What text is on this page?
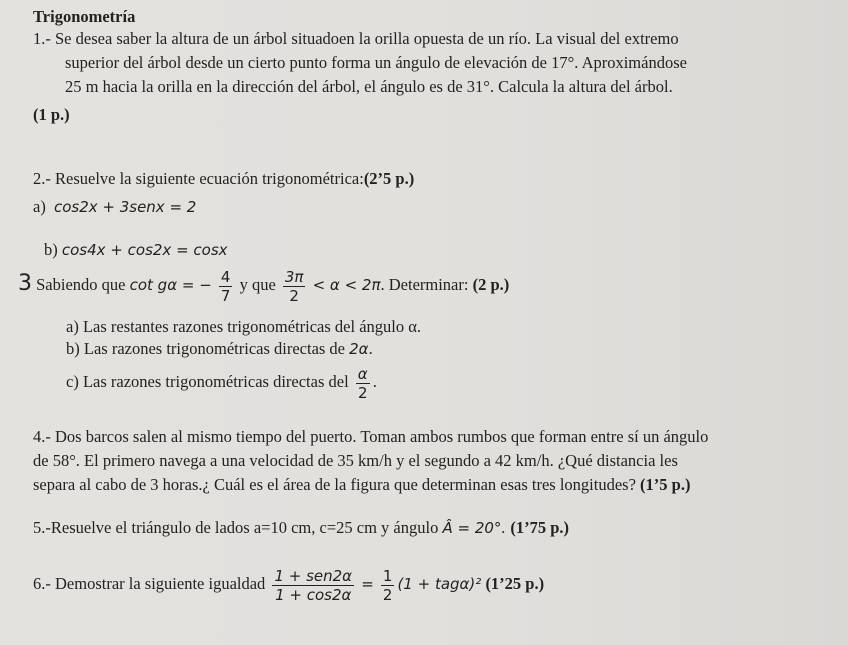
Trigonometría
1.- Se desea saber la altura de un árbol situadoen la orilla opuesta de un río. La visual del extremo
superior del árbol desde un cierto punto forma un ángulo de elevación de 17°. Aproximándose
25 m hacia la orilla en la dirección del árbol, el ángulo es de 31°. Calcula la altura del árbol.
(1 p.)
2.- Resuelve la siguiente ecuación trigonométrica:(2’5 p.)
a) cos2x + 3senx = 2
b) cos4x + cos2x = cosx
3 Sabiendo que cot gα = − $\frac{4}{7}$ y que $\frac{3\pi}{2} < \alpha < 2\pi$. Determinar: (2 p.)
a) Las restantes razones trigonométricas del ángulo α.
b) Las razones trigonométricas directas de 2α.
c) Las razones trigonométricas directas del $\frac{\alpha}{2}$ .
4.- Dos barcos salen al mismo tiempo del puerto. Toman ambos rumbos que forman entre sí un ángulo
de 58°. El primero navega a una velocidad de 35 km/h y el segundo a 42 km/h. ¿Qué distancia les
separa al cabo de 3 horas.¿ Cuál es el área de la figura que determinan esas tres longitudes? (1’5 p.)
5.-Resuelve el triángulo de lados a=10 cm, c=25 cm y ángulo Â = 20°. (1’75 p.)
6.- Demostrar la siguiente igualdad $\frac{\text{1 + sen2α}}{1 + \cos 2\alpha} = \frac{1}{2} (1 + tag\alpha)^2$ (1’25 p.)
